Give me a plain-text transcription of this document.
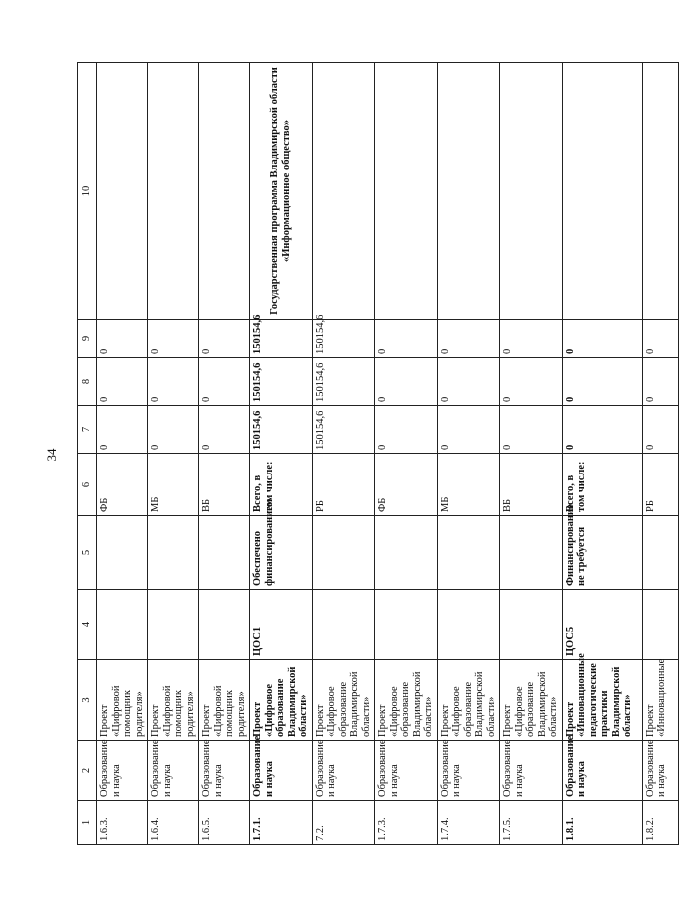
34
1	2	3	4	5	6	7	8	9	10
1.6.3.	Образование и наука	Проект «Цифровой помощник родителя»			ФБ	0	0	0	
1.6.4.	Образование и наука	Проект «Цифровой помощник родителя»			МБ	0	0	0	
1.6.5.	Образование и наука	Проект «Цифровой помощник родителя»			ВБ	0	0	0	
1.7.1.	Образование и наука	Проект «Цифровое образование Владимирской области»	ЦОС1	Обеспечено финансированием	Всего, в том числе:	150154,6	150154,6	150154,6	Государственная программа Владимирской области «Информационное общество»
7.2.	Образование и наука	Проект «Цифровое образование Владимирской области»			РБ	150154,6	150154,6	150154,6	
1.7.3.	Образование и наука	Проект «Цифровое образование Владимирской области»			ФБ	0	0	0	
1.7.4.	Образование и наука	Проект «Цифровое образование Владимирской области»			МБ	0	0	0	
1.7.5.	Образование и наука	Проект «Цифровое образование Владимирской области»			ВБ	0	0	0	
1.8.1.	Образование и наука	Проект «Инновационные педагогические практики Владимирской области»	ЦОС5	Финансирование не требуется	Всего, в том числе:	0	0	0	
1.8.2.	Образование и наука	Проект «Инновационные			РБ	0	0	0	
